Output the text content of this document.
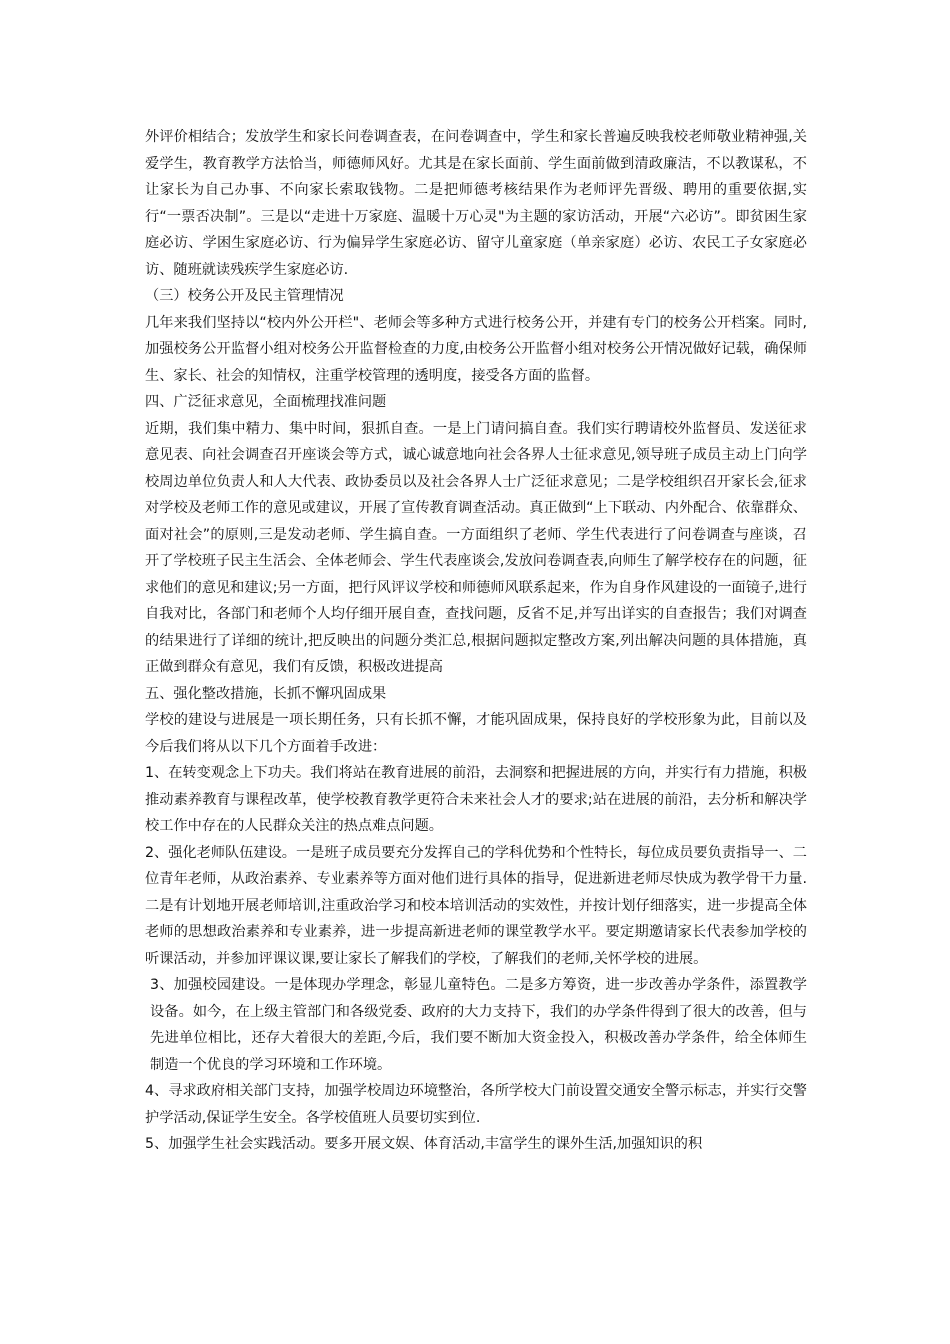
外评价相结合；发放学生和家长问卷调查表，在问卷调查中，学生和家长普遍反映我校老师敬业精神强,关爱学生，教育教学方法恰当，师德师风好。尤其是在家长面前、学生面前做到清政廉洁，不以教谋私，不让家长为自己办事、不向家长索取钱物。二是把师德考核结果作为老师评先晋级、聘用的重要依据,实行“一票否决制”。三是以“走进十万家庭、温暖十万心灵"为主题的家访活动，开展“六必访”。即贫困生家庭必访、学困生家庭必访、行为偏异学生家庭必访、留守儿童家庭（单亲家庭）必访、农民工子女家庭必访、随班就读残疾学生家庭必访.

（三）校务公开及民主管理情况

几年来我们坚持以“校内外公开栏"、老师会等多种方式进行校务公开，并建有专门的校务公开档案。同时,加强校务公开监督小组对校务公开监督检查的力度,由校务公开监督小组对校务公开情况做好记载，确保师生、家长、社会的知情权，注重学校管理的透明度，接受各方面的监督。

四、广泛征求意见，全面梳理找准问题

近期，我们集中精力、集中时间，狠抓自查。一是上门请问搞自查。我们实行聘请校外监督员、发送征求意见表、向社会调查召开座谈会等方式，诚心诚意地向社会各界人士征求意见,领导班子成员主动上门向学校周边单位负责人和人大代表、政协委员以及社会各界人士广泛征求意见；二是学校组织召开家长会,征求对学校及老师工作的意见或建议，开展了宣传教育调查活动。真正做到“上下联动、内外配合、依靠群众、面对社会”的原则,三是发动老师、学生搞自查。一方面组织了老师、学生代表进行了问卷调查与座谈，召开了学校班子民主生活会、全体老师会、学生代表座谈会,发放问卷调查表,向师生了解学校存在的问题，征求他们的意见和建议;另一方面，把行风评议学校和师德师风联系起来，作为自身作风建设的一面镜子,进行自我对比，各部门和老师个人均仔细开展自查，查找问题，反省不足,并写出详实的自查报告；我们对调查的结果进行了详细的统计,把反映出的问题分类汇总,根据问题拟定整改方案,列出解决问题的具体措施，真正做到群众有意见，我们有反馈，积极改进提高

五、强化整改措施，长抓不懈巩固成果

学校的建设与进展是一项长期任务，只有长抓不懈，才能巩固成果，保持良好的学校形象为此，目前以及今后我们将从以下几个方面着手改进：

1、在转变观念上下功夫。我们将站在教育进展的前沿，去洞察和把握进展的方向，并实行有力措施，积极推动素养教育与课程改革，使学校教育教学更符合未来社会人才的要求;站在进展的前沿，去分析和解决学校工作中存在的人民群众关注的热点难点问题。

2、强化老师队伍建设。一是班子成员要充分发挥自己的学科优势和个性特长，每位成员要负责指导一、二位青年老师，从政治素养、专业素养等方面对他们进行具体的指导，促进新进老师尽快成为教学骨干力量.二是有计划地开展老师培训,注重政治学习和校本培训活动的实效性，并按计划仔细落实，进一步提高全体老师的思想政治素养和专业素养，进一步提高新进老师的课堂教学水平。要定期邀请家长代表参加学校的听课活动，并参加评课议课,要让家长了解我们的学校，了解我们的老师,关怀学校的进展。

3、加强校园建设。一是体现办学理念，彰显儿童特色。二是多方筹资，进一步改善办学条件，添置教学设备。如今，在上级主管部门和各级党委、政府的大力支持下，我们的办学条件得到了很大的改善，但与先进单位相比，还存大着很大的差距,今后，我们要不断加大资金投入，积极改善办学条件，给全体师生制造一个优良的学习环境和工作环境。

4、寻求政府相关部门支持，加强学校周边环境整治，各所学校大门前设置交通安全警示标志，并实行交警护学活动,保证学生安全。各学校值班人员要切实到位.

5、加强学生社会实践活动。要多开展文娱、体育活动,丰富学生的课外生活,加强知识的积
